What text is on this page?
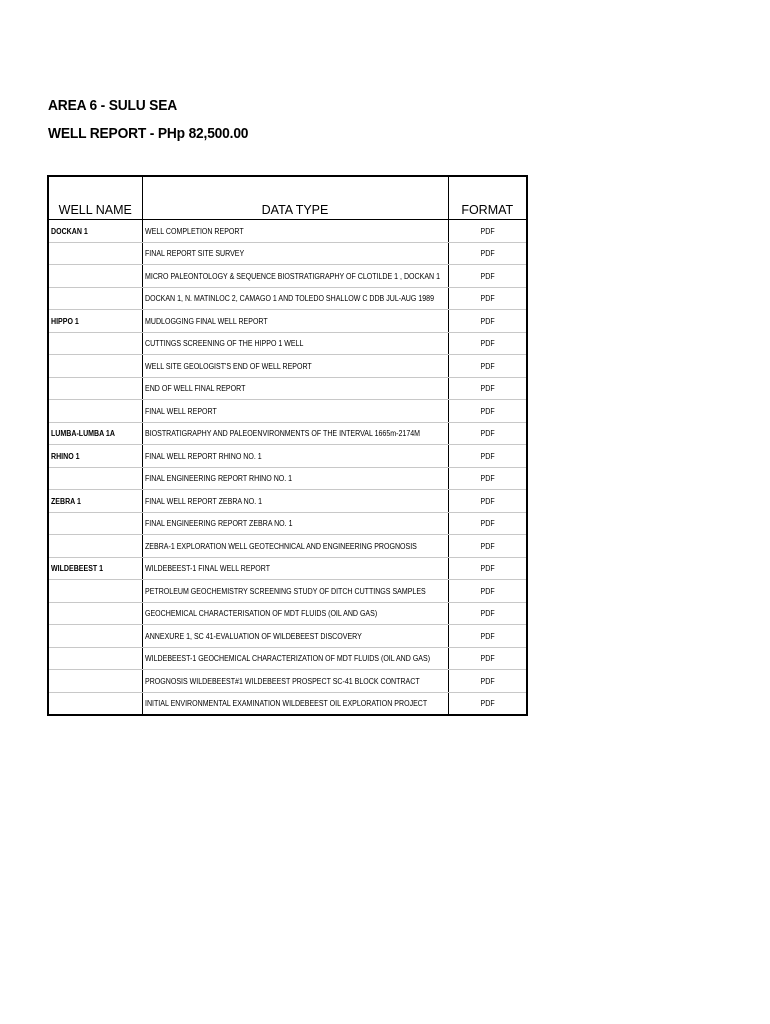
AREA 6 - SULU SEA
WELL REPORT - PHp 82,500.00
WELL NAME	DATA TYPE	FORMAT
DOCKAN 1	WELL COMPLETION REPORT	PDF
	FINAL REPORT SITE SURVEY	PDF
	MICRO PALEONTOLOGY & SEQUENCE BIOSTRATIGRAPHY OF CLOTILDE 1 , DOCKAN 1	PDF
	DOCKAN 1, N. MATINLOC 2, CAMAGO 1 AND TOLEDO SHALLOW C DDB JUL-AUG 1989	PDF
HIPPO 1	MUDLOGGING FINAL WELL REPORT	PDF
	CUTTINGS SCREENING OF THE HIPPO 1 WELL	PDF
	WELL SITE GEOLOGIST'S END OF WELL REPORT	PDF
	END OF WELL FINAL REPORT	PDF
	FINAL WELL REPORT	PDF
LUMBA-LUMBA 1A	BIOSTRATIGRAPHY AND PALEOENVIRONMENTS OF THE INTERVAL 1665m-2174M	PDF
RHINO 1	FINAL WELL REPORT RHINO NO. 1	PDF
	FINAL ENGINEERING REPORT RHINO NO. 1	PDF
ZEBRA 1	FINAL WELL REPORT ZEBRA NO. 1	PDF
	FINAL ENGINEERING REPORT ZEBRA NO. 1	PDF
	ZEBRA-1 EXPLORATION WELL GEOTECHNICAL AND ENGINEERING PROGNOSIS	PDF
WILDEBEEST 1	WILDEBEEST-1 FINAL WELL REPORT	PDF
	PETROLEUM GEOCHEMISTRY SCREENING STUDY OF DITCH CUTTINGS SAMPLES	PDF
	GEOCHEMICAL CHARACTERISATION OF MDT FLUIDS (OIL AND GAS)	PDF
	ANNEXURE 1, SC 41-EVALUATION OF WILDEBEEST DISCOVERY	PDF
	WILDEBEEST-1 GEOCHEMICAL CHARACTERIZATION OF MDT FLUIDS (OIL AND GAS)	PDF
	PROGNOSIS WILDEBEEST#1 WILDEBEEST PROSPECT SC-41 BLOCK CONTRACT	PDF
	INITIAL ENVIRONMENTAL EXAMINATION WILDEBEEST OIL EXPLORATION PROJECT	PDF
